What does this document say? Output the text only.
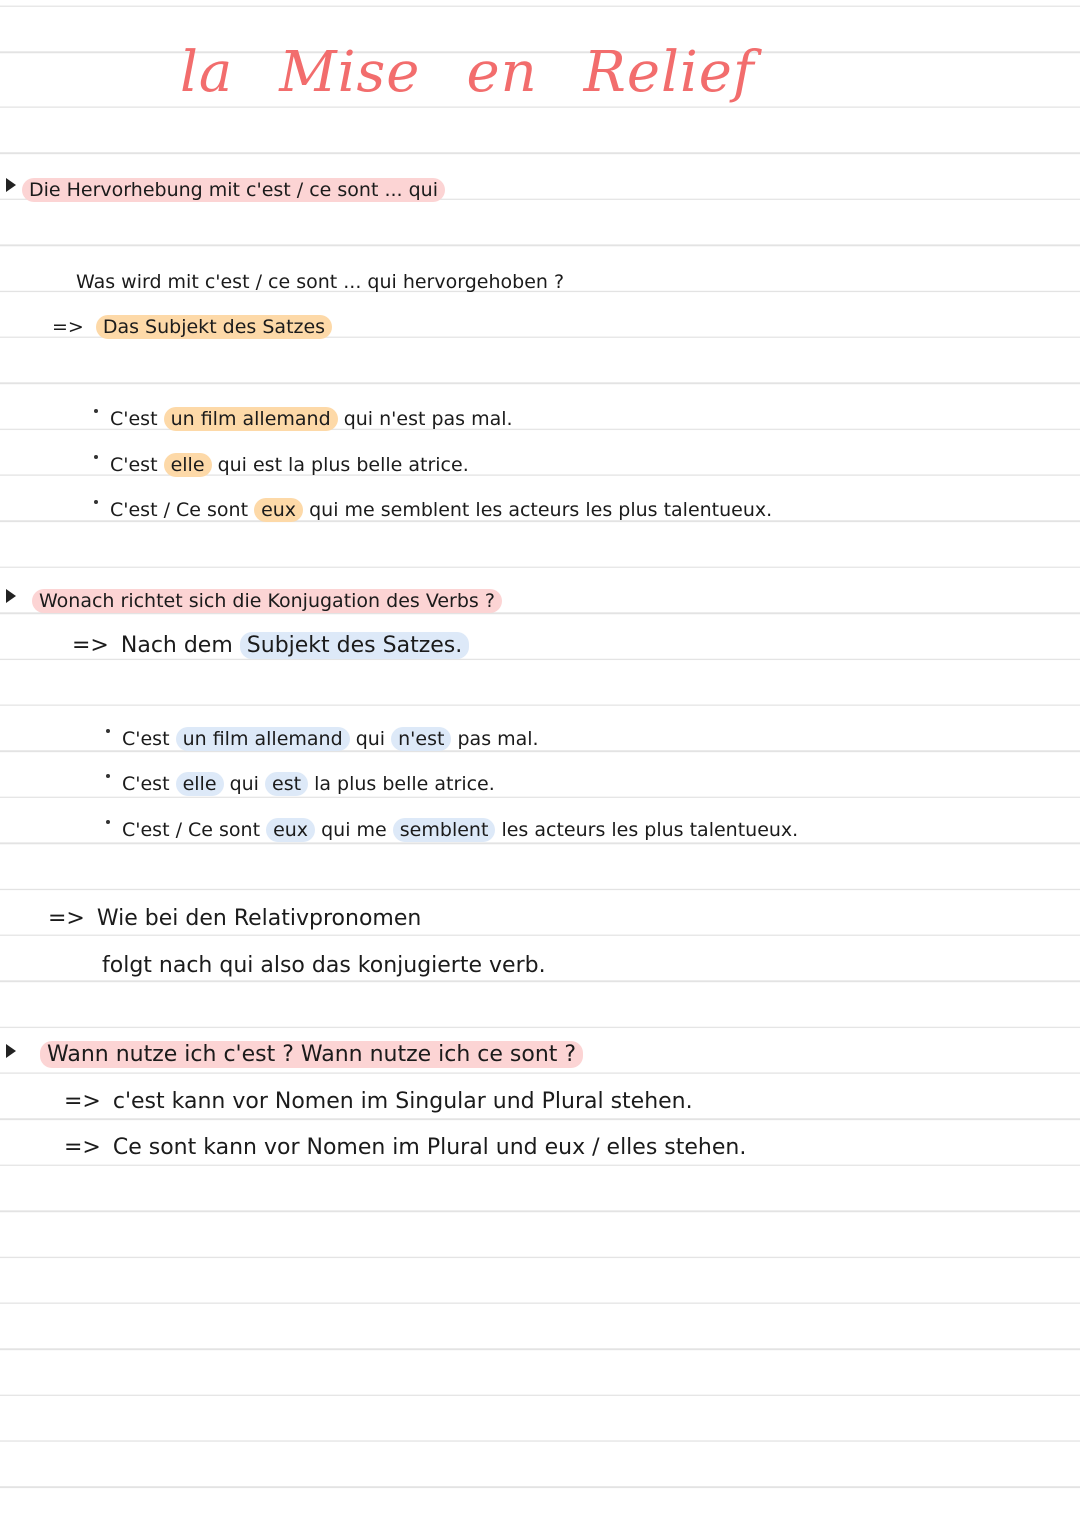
la Mise en Relief

Die Hervorhebung mit c'est / ce sont ... qui

Was wird mit c'est / ce sont ... qui hervorgehoben ?

=> Das Subjekt des Satzes

C'est un film allemand qui n'est pas mal.

C'est elle qui est la plus belle atrice.

C'est / Ce sont eux qui me semblent les acteurs les plus talentueux.

Wonach richtet sich die Konjugation des Verbs ?

=> Nach dem Subjekt des Satzes.

C'est un film allemand qui n'est pas mal.

C'est elle qui est la plus belle atrice.

C'est / Ce sont eux qui me semblent les acteurs les plus talentueux.

=> Wie bei den Relativpronomen

folgt nach qui also das konjugierte verb.

Wann nutze ich c'est ? Wann nutze ich ce sont ?

=> c'est kann vor Nomen im Singular und Plural stehen.

=> Ce sont kann vor Nomen im Plural und eux / elles stehen.
